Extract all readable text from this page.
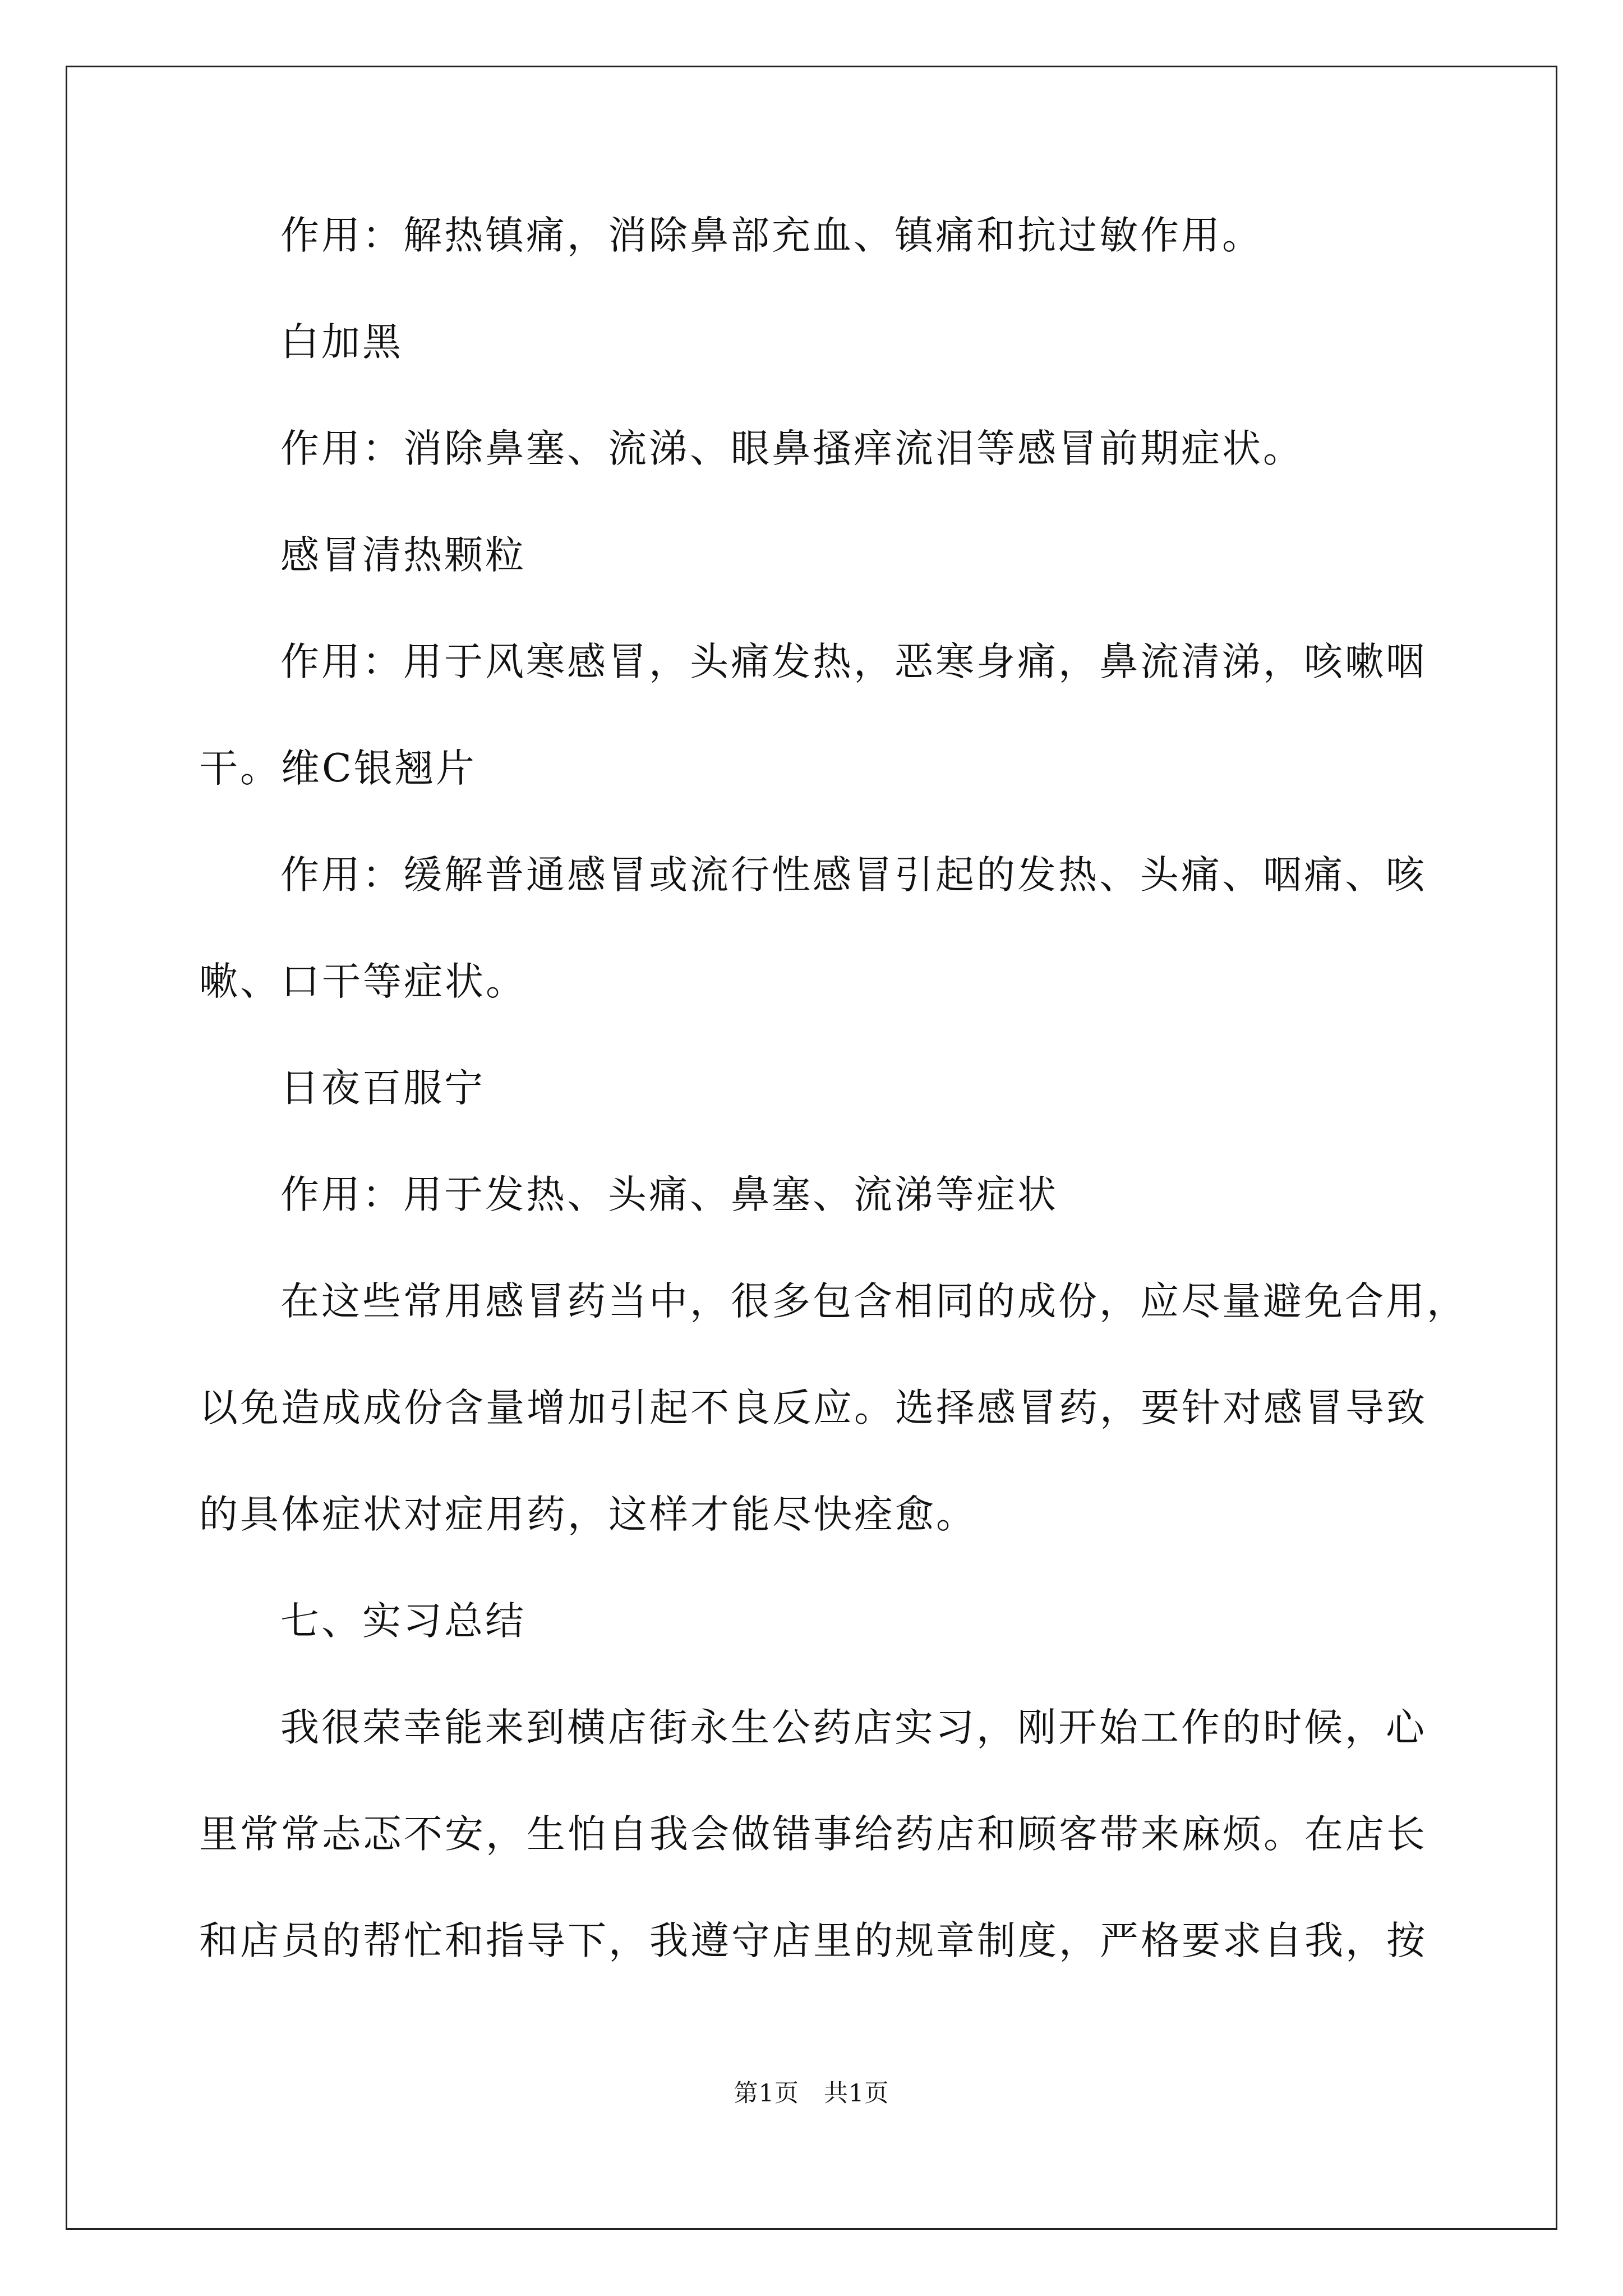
作用：解热镇痛，消除鼻部充血、镇痛和抗过敏作用。
白加黑
作用：消除鼻塞、流涕、眼鼻搔痒流泪等感冒前期症状。
感冒清热颗粒
作用：用于风寒感冒，头痛发热，恶寒身痛，鼻流清涕，咳嗽咽
干。维C银翘片
作用：缓解普通感冒或流行性感冒引起的发热、头痛、咽痛、咳
嗽、口干等症状。
日夜百服宁
作用：用于发热、头痛、鼻塞、流涕等症状
在这些常用感冒药当中，很多包含相同的成份，应尽量避免合用，
以免造成成份含量增加引起不良反应。选择感冒药，要针对感冒导致
的具体症状对症用药，这样才能尽快痊愈。
七、实习总结
我很荣幸能来到横店街永生公药店实习，刚开始工作的时候，心
里常常忐忑不安，生怕自我会做错事给药店和顾客带来麻烦。在店长
和店员的帮忙和指导下，我遵守店里的规章制度，严格要求自我，按
第1页　共1页
